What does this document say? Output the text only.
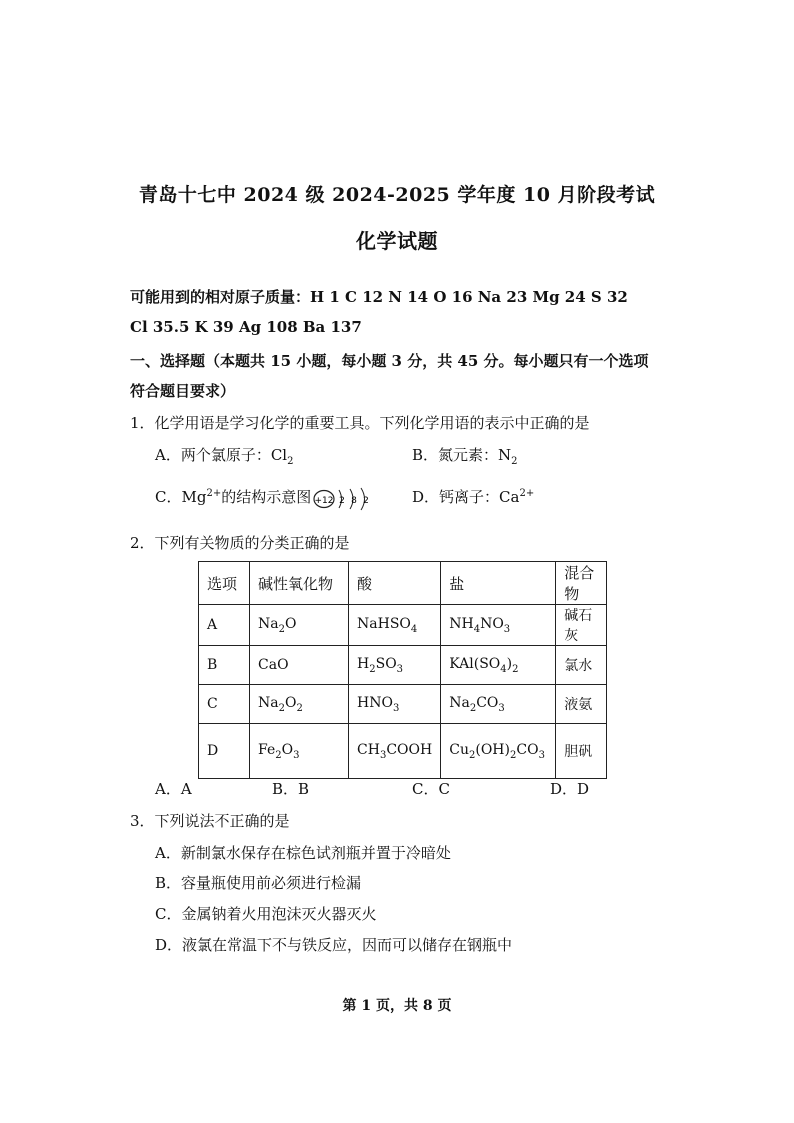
青岛十七中 2024 级 2024-2025 学年度 10 月阶段考试
化学试题
可能用到的相对原子质量：H 1 C 12 N 14 O 16 Na 23 Mg 24 S 32
Cl 35.5 K 39 Ag 108 Ba 137
一、选择题（本题共 15 小题，每小题 3 分，共 45 分。每小题只有一个选项
符合题目要求）
1．化学用语是学习化学的重要工具。下列化学用语的表示中正确的是
A．两个氯原子：$Cl_2$	B．氮元素：$N_2$
C．$Mg^{2+}$的结构示意图 +12 2 8 2	D．钙离子：$Ca^{2+}$
2．下列有关物质的分类正确的是
选项	碱性氧化物	酸	盐	混合物
A	$Na_2O$	NaHSO$_4$	$NH_4NO_3$	碱石灰
B	CaO	$H_2SO_3$	$KAl(SO_4)_2$	氯水
C	$Na_2O_2$	$HNO_3$	$Na_2CO_3$	液氨
D	$Fe_2O_3$	$CH_3COOH$	$Cu_2(OH)_2CO_3$	胆矾
A．A	B．B	C．C	D．D
3．下列说法不正确的是
A．新制氯水保存在棕色试剂瓶并置于冷暗处
B．容量瓶使用前必须进行检漏
C．金属钠着火用泡沫灭火器灭火
D．液氯在常温下不与铁反应，因而可以储存在钢瓶中
第 1 页，共 8 页
